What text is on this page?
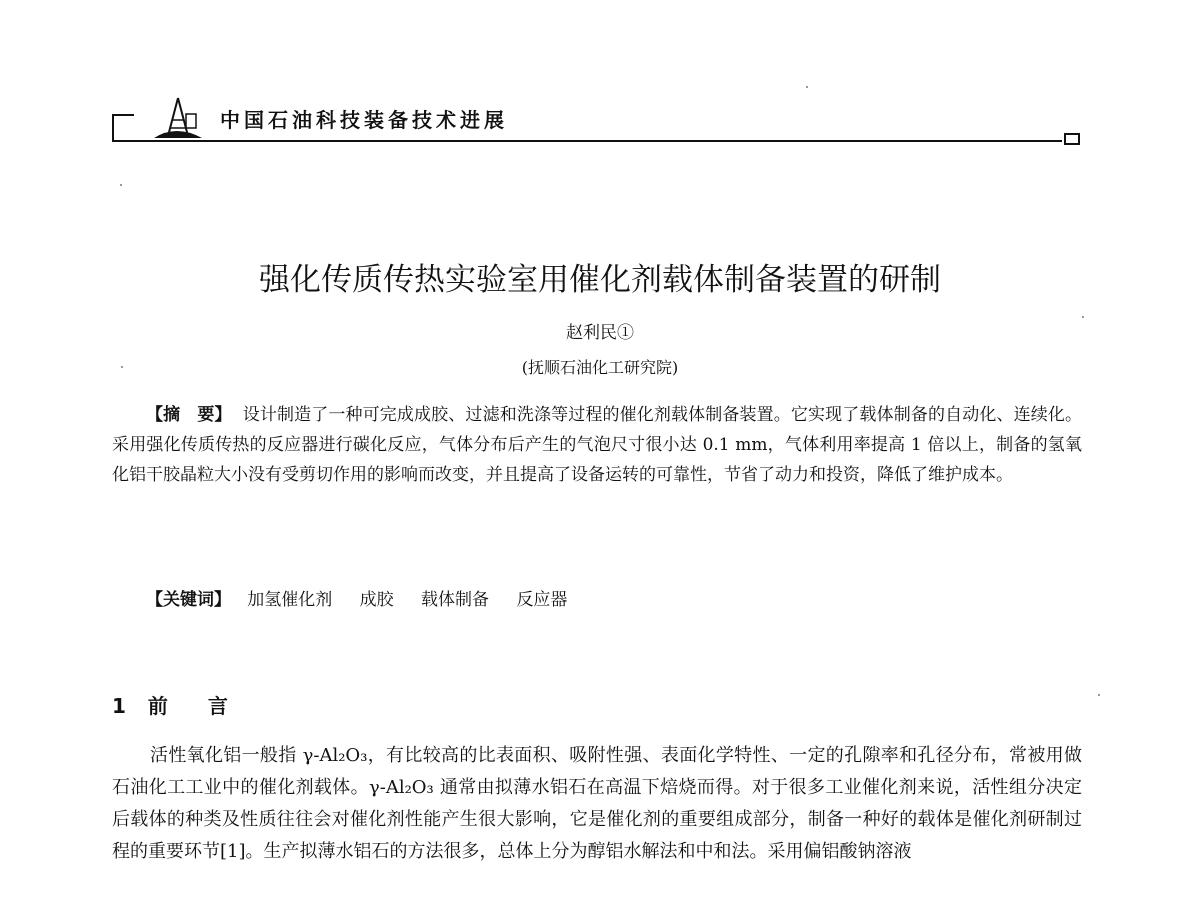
中国石油科技装备技术进展
强化传质传热实验室用催化剂载体制备装置的研制
赵利民①
(抚顺石油化工研究院)

【摘　要】 设计制造了一种可完成成胶、过滤和洗涤等过程的催化剂载体制备装置。它实现了载体制备的自动化、连续化。采用强化传质传热的反应器进行碳化反应，气体分布后产生的气泡尺寸很小达 0.1 mm，气体利用率提高 1 倍以上，制备的氢氧化铝干胶晶粒大小没有受剪切作用的影响而改变，并且提高了设备运转的可靠性，节省了动力和投资，降低了维护成本。

【关键词】 加氢催化剂 成胶 载体制备 反应器
1 前　　言

活性氧化铝一般指 γ-Al₂O₃，有比较高的比表面积、吸附性强、表面化学特性、一定的孔隙率和孔径分布，常被用做石油化工工业中的催化剂载体。γ-Al₂O₃ 通常由拟薄水铝石在高温下焙烧而得。对于很多工业催化剂来说，活性组分决定后载体的种类及性质往往会对催化剂性能产生很大影响，它是催化剂的重要组成部分，制备一种好的载体是催化剂研制过程的重要环节[1]。生产拟薄水铝石的方法很多，总体上分为醇铝水解法和中和法。采用偏铝酸钠溶液
